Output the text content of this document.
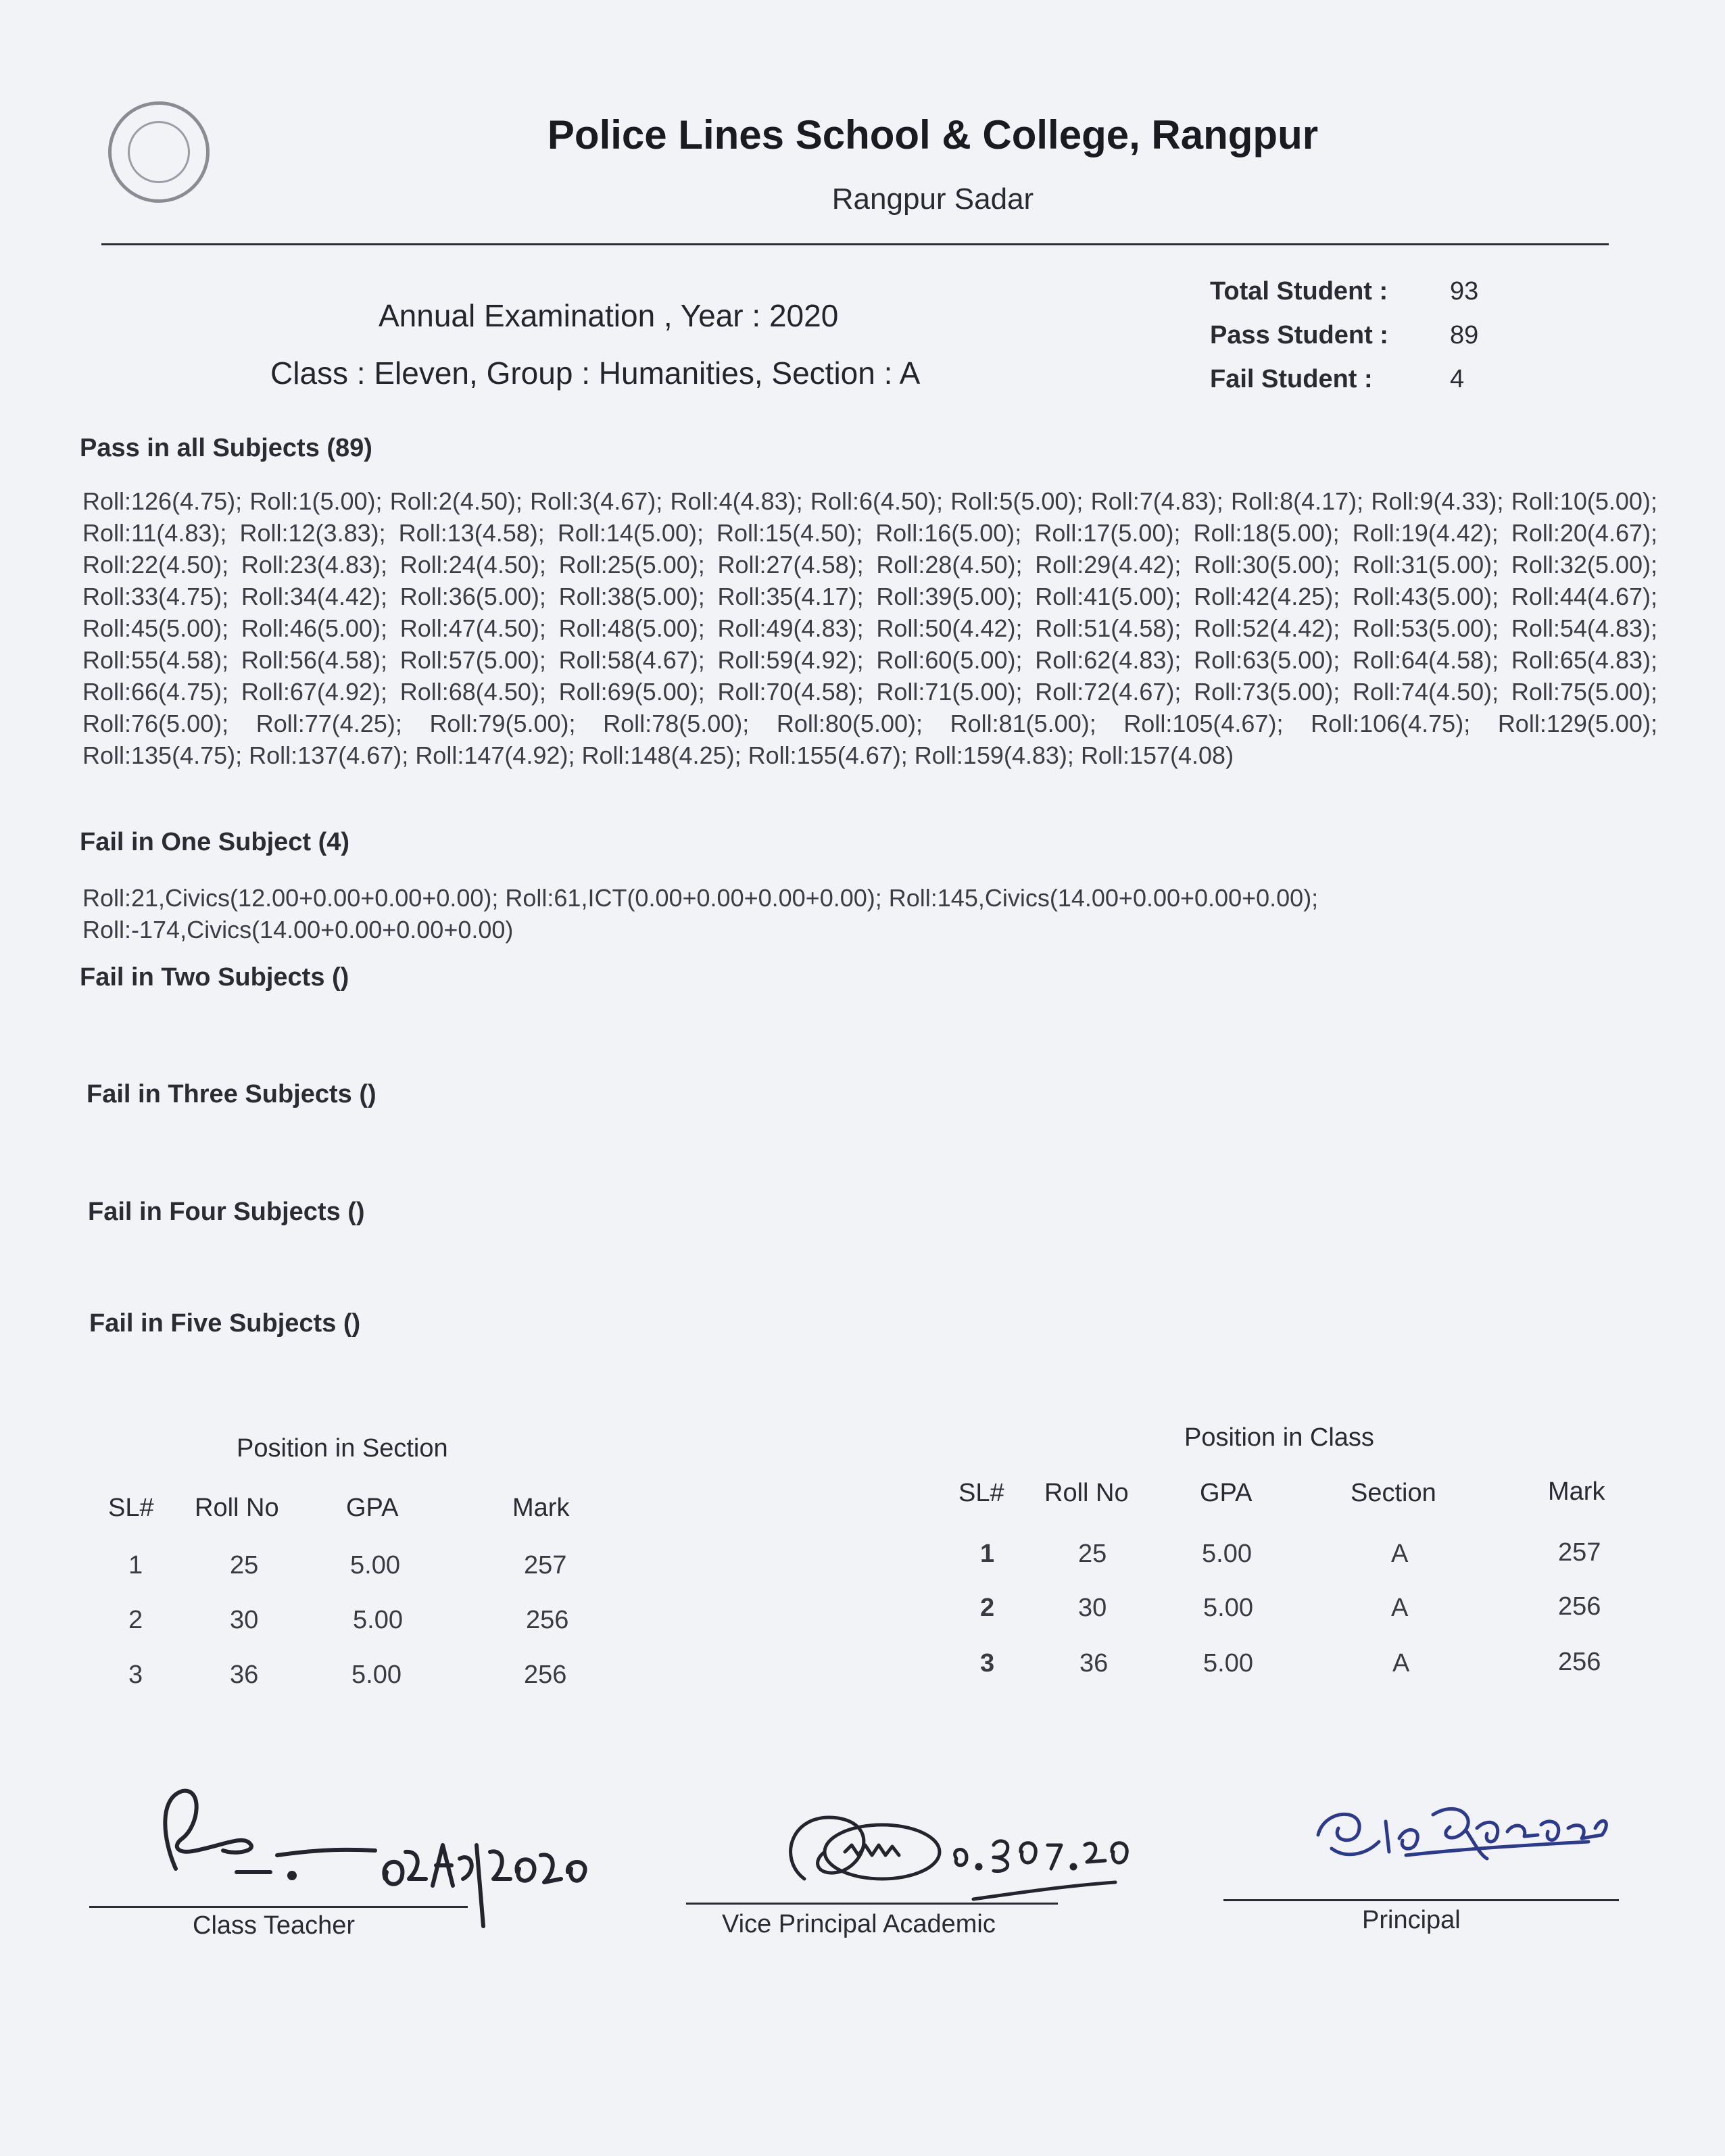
Police Lines School & College, Rangpur
Rangpur Sadar
Annual Examination , Year : 2020
Class : Eleven, Group : Humanities, Section : A
Total Student : 93
Pass Student : 89
Fail Student :	4
Pass in all Subjects (89)
Roll:126(4.75); Roll:1(5.00); Roll:2(4.50); Roll:3(4.67); Roll:4(4.83); Roll:6(4.50); Roll:5(5.00); Roll:7(4.83); Roll:8(4.17); Roll:9(4.33); Roll:10(5.00); Roll:11(4.83); Roll:12(3.83); Roll:13(4.58); Roll:14(5.00); Roll:15(4.50); Roll:16(5.00); Roll:17(5.00); Roll:18(5.00); Roll:19(4.42); Roll:20(4.67); Roll:22(4.50); Roll:23(4.83); Roll:24(4.50); Roll:25(5.00); Roll:27(4.58); Roll:28(4.50); Roll:29(4.42); Roll:30(5.00); Roll:31(5.00); Roll:32(5.00); Roll:33(4.75); Roll:34(4.42); Roll:36(5.00); Roll:38(5.00); Roll:35(4.17); Roll:39(5.00); Roll:41(5.00); Roll:42(4.25); Roll:43(5.00); Roll:44(4.67); Roll:45(5.00); Roll:46(5.00); Roll:47(4.50); Roll:48(5.00); Roll:49(4.83); Roll:50(4.42); Roll:51(4.58); Roll:52(4.42); Roll:53(5.00); Roll:54(4.83); Roll:55(4.58); Roll:56(4.58); Roll:57(5.00); Roll:58(4.67); Roll:59(4.92); Roll:60(5.00); Roll:62(4.83); Roll:63(5.00); Roll:64(4.58); Roll:65(4.83); Roll:66(4.75); Roll:67(4.92); Roll:68(4.50); Roll:69(5.00); Roll:70(4.58); Roll:71(5.00); Roll:72(4.67); Roll:73(5.00); Roll:74(4.50); Roll:75(5.00); Roll:76(5.00); Roll:77(4.25); Roll:79(5.00); Roll:78(5.00); Roll:80(5.00); Roll:81(5.00); Roll:105(4.67); Roll:106(4.75); Roll:129(5.00); Roll:135(4.75); Roll:137(4.67); Roll:147(4.92); Roll:148(4.25); Roll:155(4.67); Roll:159(4.83); Roll:157(4.08)
Fail in One Subject (4)
Roll:21,Civics(12.00+0.00+0.00+0.00); Roll:61,ICT(0.00+0.00+0.00+0.00); Roll:145,Civics(14.00+0.00+0.00+0.00); Roll:-174,Civics(14.00+0.00+0.00+0.00)
Fail in Two Subjects ()
Fail in Three Subjects ()
Fail in Four Subjects ()
Fail in Five Subjects ()
Position in Section
SL# Roll No	GPA	Mark
1	25	5.00	257
2	30	5.00	256
3	36	5.00	256
Position in Class
SL# Roll No	GPA	Section	Mark
1	25	5.00	A	257
2	30	5.00	A	256
3	36	5.00	A	256
Class Teacher	Vice Principal Academic	Principal
